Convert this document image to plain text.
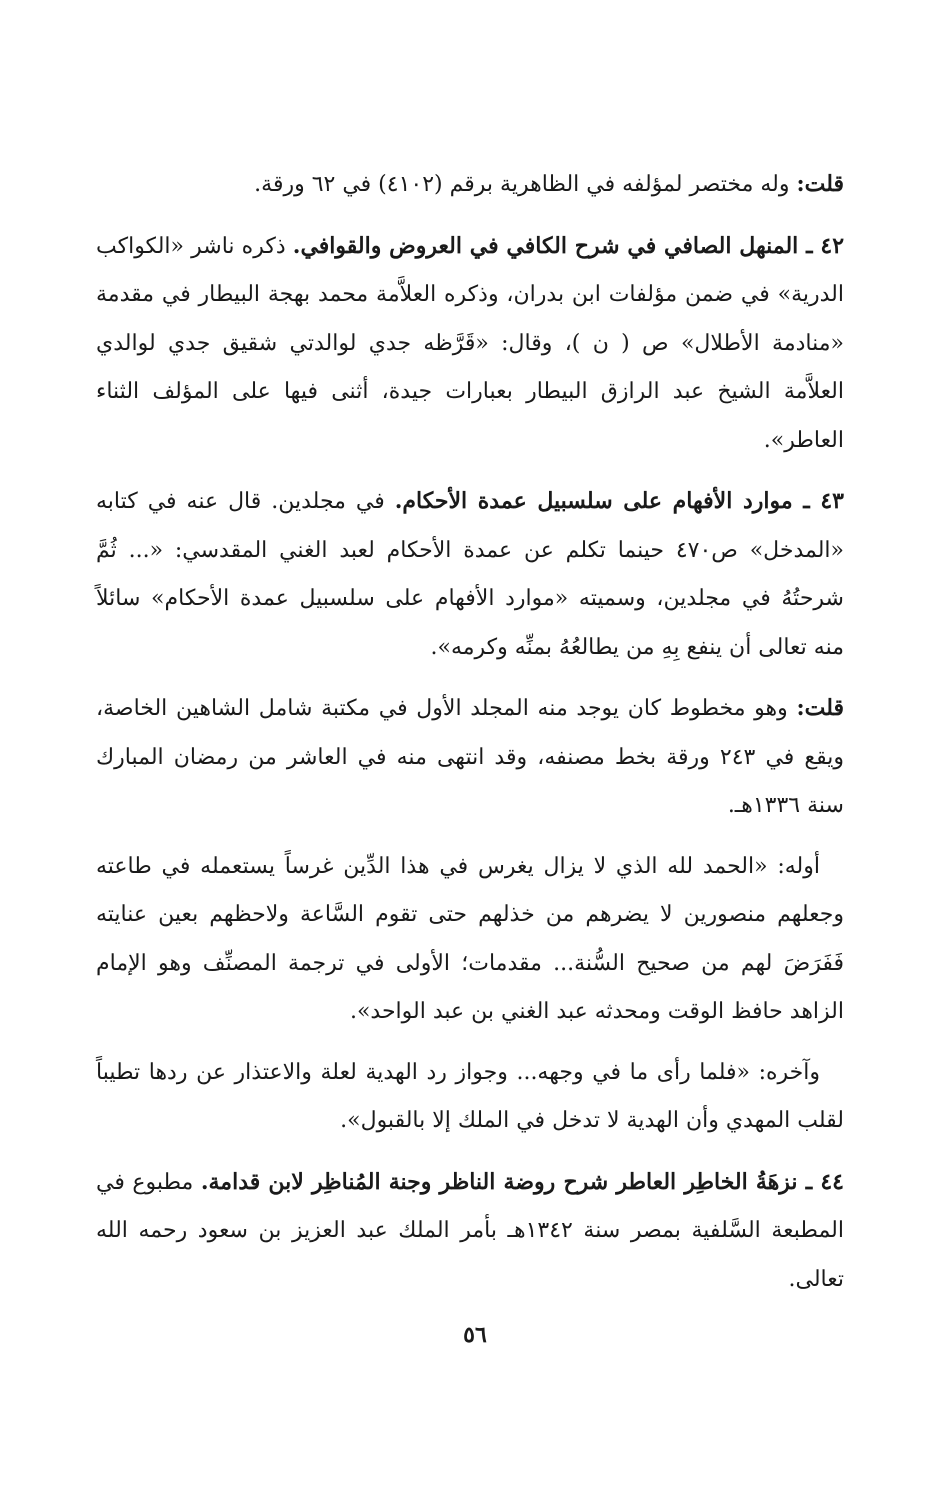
قلت: وله مختصر لمؤلفه في الظاهرية برقم (٤١٠٢) في ٦٢ ورقة.

٤٢ ـ المنهل الصافي في شرح الكافي في العروض والقوافي. ذكره ناشر «الكواكب الدرية» في ضمن مؤلفات ابن بدران، وذكره العلاَّمة محمد بهجة البيطار في مقدمة «منادمة الأطلال» ص ( ن )، وقال: «قَرَّظه جدي لوالدتي شقيق جدي لوالدي العلاَّمة الشيخ عبد الرازق البيطار بعبارات جيدة، أثنى فيها على المؤلف الثناء العاطر».

٤٣ ـ موارد الأفهام على سلسبيل عمدة الأحكام. في مجلدين. قال عنه في كتابه «المدخل» ص٤٧٠ حينما تكلم عن عمدة الأحكام لعبد الغني المقدسي: «... ثُمَّ شرحتُهُ في مجلدين، وسميته «موارد الأفهام على سلسبيل عمدة الأحكام» سائلاً منه تعالى أن ينفع بِهِ من يطالعُهُ بمنِّه وكرمه».

قلت: وهو مخطوط كان يوجد منه المجلد الأول في مكتبة شامل الشاهين الخاصة، ويقع في ٢٤٣ ورقة بخط مصنفه، وقد انتهى منه في العاشر من رمضان المبارك سنة ١٣٣٦هـ.

أوله: «الحمد لله الذي لا يزال يغرس في هذا الدِّين غرساً يستعمله في طاعته وجعلهم منصورين لا يضرهم من خذلهم حتى تقوم السَّاعة ولاحظهم بعين عنايته فَفَرَضَ لهم من صحيح السُّنة... مقدمات؛ الأولى في ترجمة المصنِّف وهو الإمام الزاهد حافظ الوقت ومحدثه عبد الغني بن عبد الواحد».

وآخره: «فلما رأى ما في وجهه... وجواز رد الهدية لعلة والاعتذار عن ردها تطيباً لقلب المهدي وأن الهدية لا تدخل في الملك إلا بالقبول».

٤٤ ـ نزهَةُ الخاطِر العاطر شرح روضة الناظر وجنة المُناظِر لابن قدامة. مطبوع في المطبعة السَّلفية بمصر سنة ١٣٤٢هـ بأمر الملك عبد العزيز بن سعود رحمه الله تعالى.

٥٦
